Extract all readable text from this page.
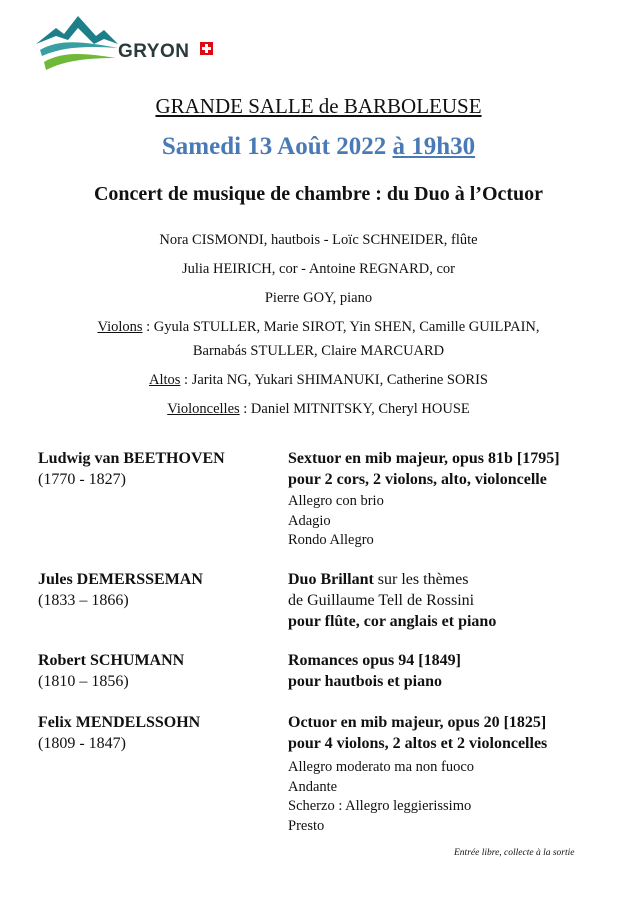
GRYON
GRANDE SALLE de BARBOLEUSE
Samedi 13 Août 2022 à 19h30
Concert de musique de chambre : du Duo à l’Octuor
Nora CISMONDI, hautbois - Loïc SCHNEIDER, flûte
Julia HEIRICH, cor - Antoine REGNARD, cor
Pierre GOY, piano
Violons : Gyula STULLER, Marie SIROT, Yin SHEN, Camille GUILPAIN,
Barnabás STULLER, Claire MARCUARD
Altos : Jarita NG, Yukari SHIMANUKI, Catherine SORIS
Violoncelles : Daniel MITNITSKY, Cheryl HOUSE
Ludwig van BEETHOVEN
(1770 - 1827)
Sextuor en mib majeur, opus 81b [1795]
pour 2 cors, 2 violons, alto, violoncelle
Allegro con brio
Adagio
Rondo Allegro
Jules DEMERSSEMAN
(1833 – 1866)
Duo Brillant sur les thèmes
de Guillaume Tell de Rossini
pour flûte, cor anglais et piano
Robert SCHUMANN
(1810 – 1856)
Romances opus 94 [1849]
pour hautbois et piano
Felix MENDELSSOHN
(1809 - 1847)
Octuor en mib majeur, opus 20 [1825]
pour 4 violons, 2 altos et 2 violoncelles
Allegro moderato ma non fuoco
Andante
Scherzo : Allegro leggierissimo
Presto
Entrée libre, collecte à la sortie
